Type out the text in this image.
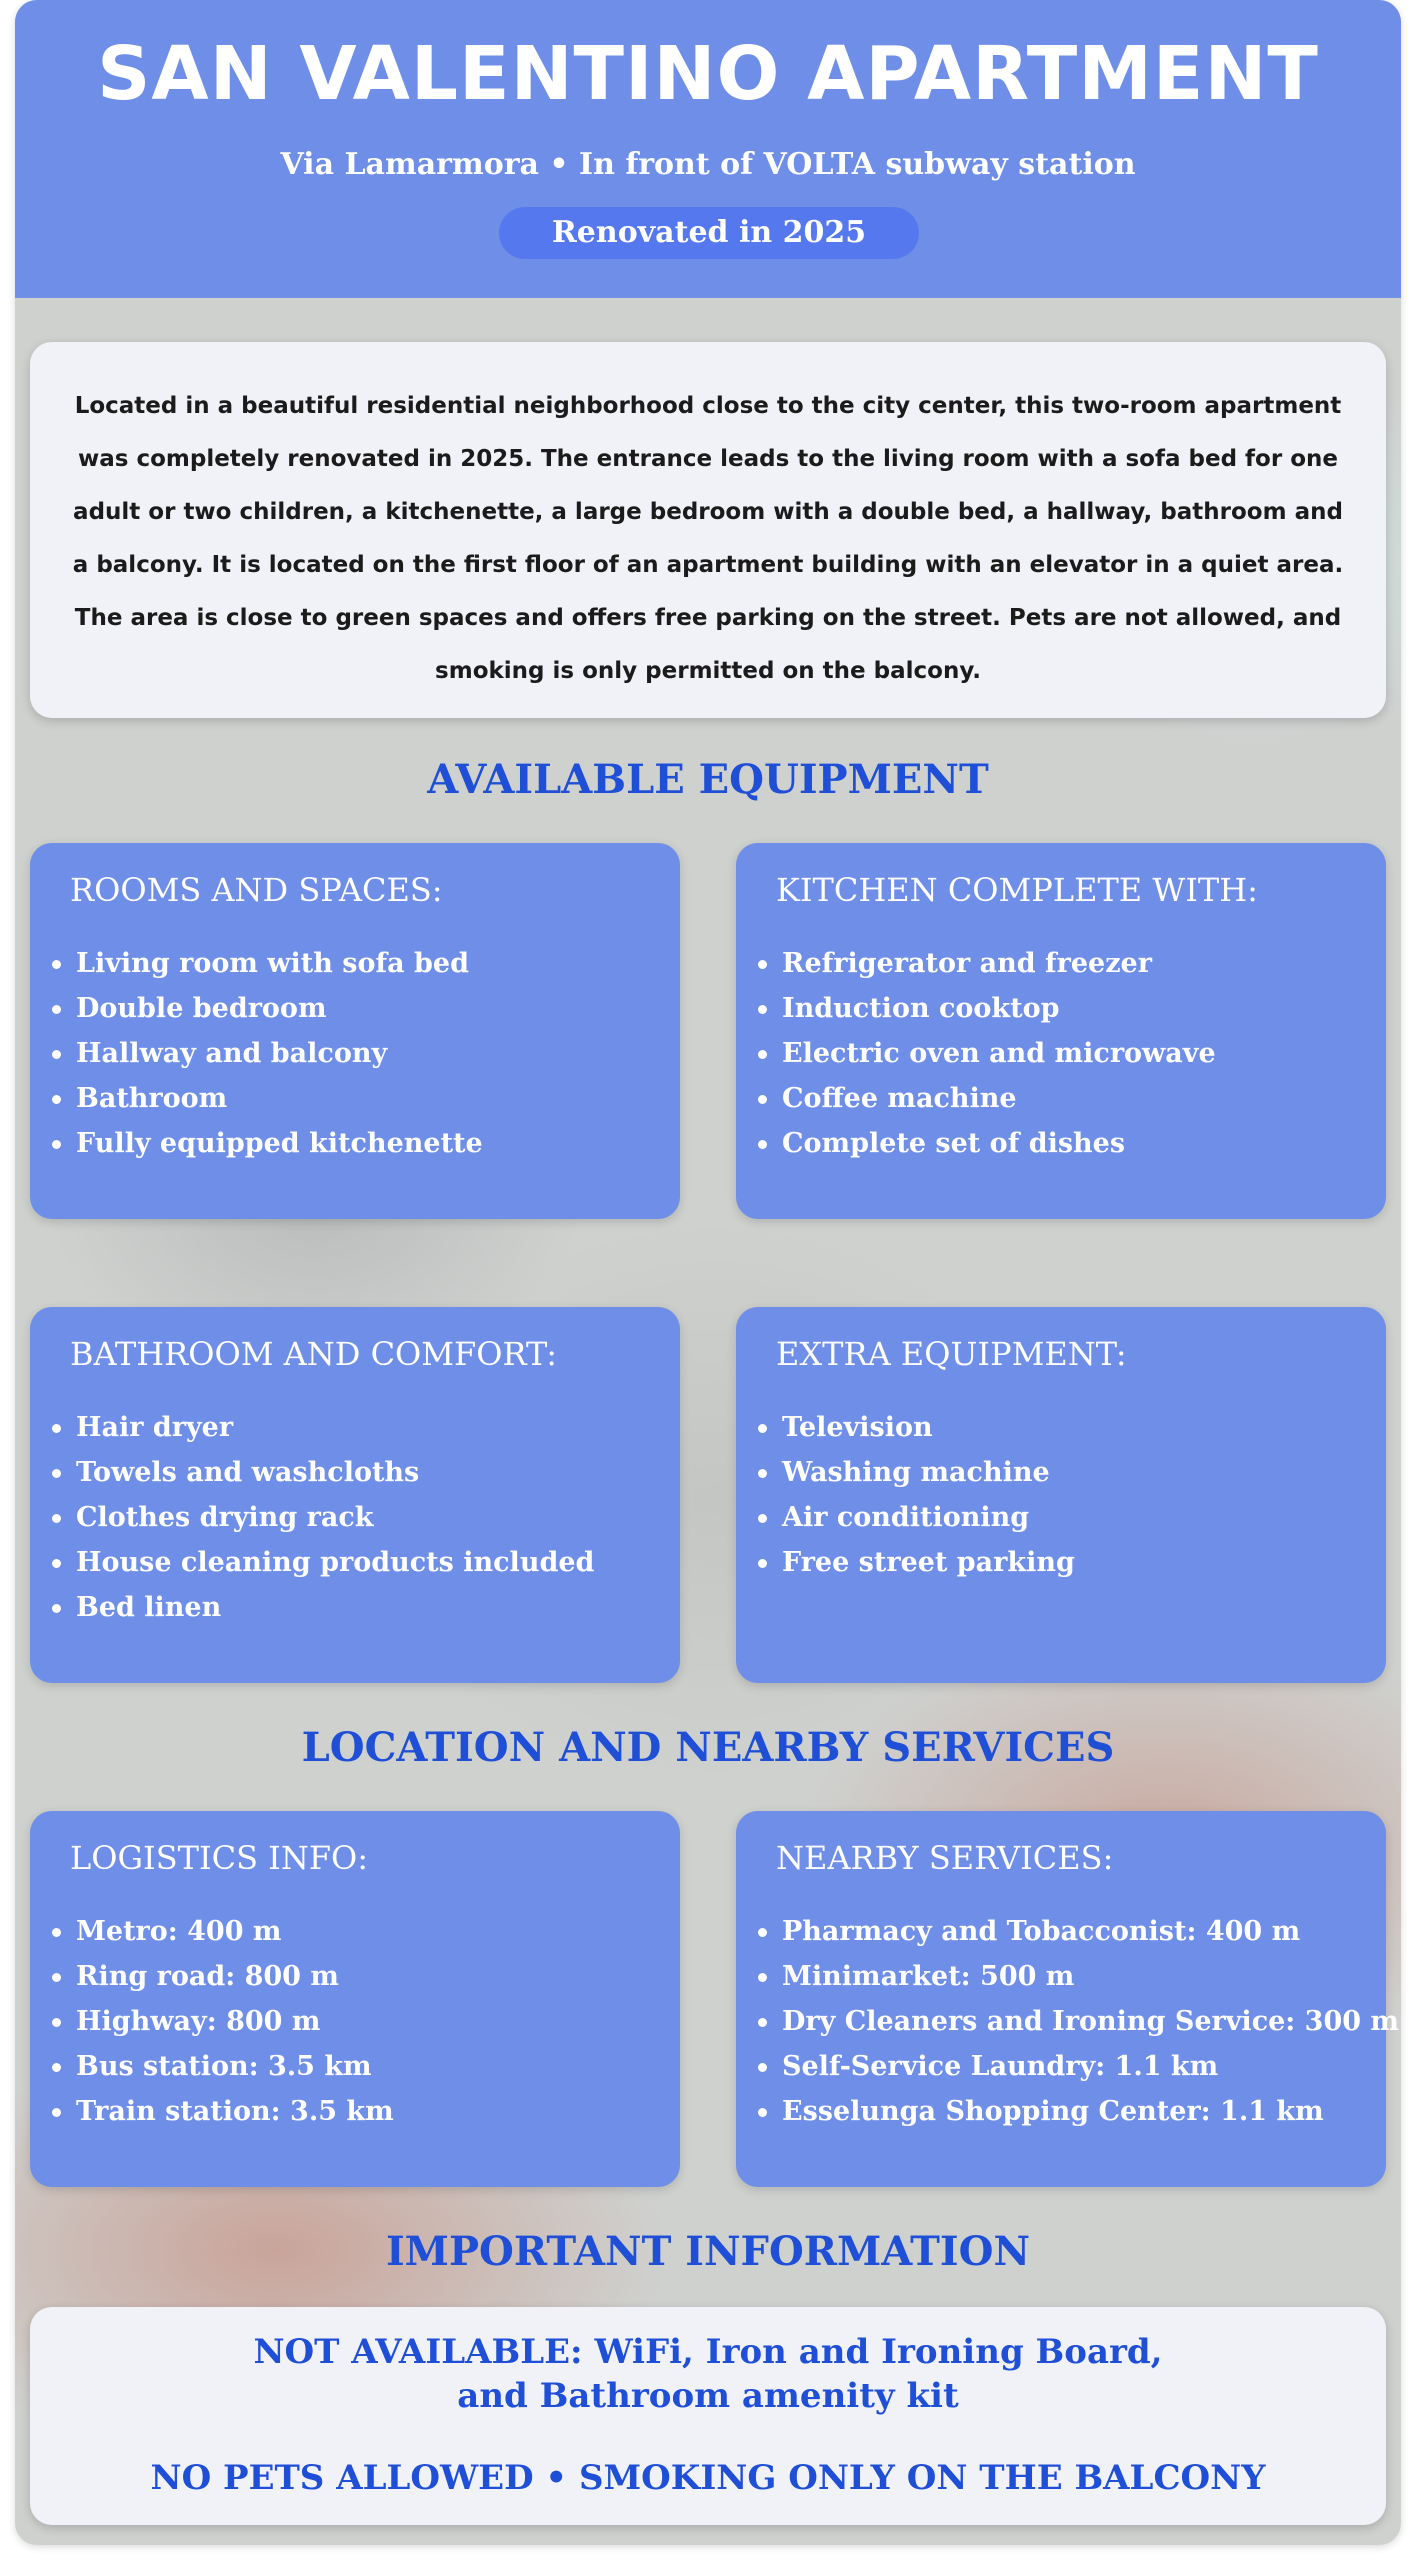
SAN VALENTINO APARTMENT
Via Lamarmora • In front of VOLTA subway station
Renovated in 2025

Located in a beautiful residential neighborhood close to the city center, this two-room apartment was completely renovated in 2025. The entrance leads to the living room with a sofa bed for one adult or two children, a kitchenette, a large bedroom with a double bed, a hallway, bathroom and a balcony. It is located on the first floor of an apartment building with an elevator in a quiet area. The area is close to green spaces and offers free parking on the street. Pets are not allowed, and smoking is only permitted on the balcony.

AVAILABLE EQUIPMENT
ROOMS AND SPACES:
Living room with sofa bed
Double bedroom
Hallway and balcony
Bathroom
Fully equipped kitchenette
KITCHEN COMPLETE WITH:
Refrigerator and freezer
Induction cooktop
Electric oven and microwave
Coffee machine
Complete set of dishes
BATHROOM AND COMFORT:
Hair dryer
Towels and washcloths
Clothes drying rack
House cleaning products included
Bed linen
EXTRA EQUIPMENT:
Television
Washing machine
Air conditioning
Free street parking
LOCATION AND NEARBY SERVICES
LOGISTICS INFO:
Metro: 400 m
Ring road: 800 m
Highway: 800 m
Bus station: 3.5 km
Train station: 3.5 km
NEARBY SERVICES:
Pharmacy and Tobacconist: 400 m
Minimarket: 500 m
Dry Cleaners and Ironing Service: 300 m
Self-Service Laundry: 1.1 km
Esselunga Shopping Center: 1.1 km
IMPORTANT INFORMATION
NOT AVAILABLE: WiFi, Iron and Ironing Board,
and Bathroom amenity kit
NO PETS ALLOWED • SMOKING ONLY ON THE BALCONY
